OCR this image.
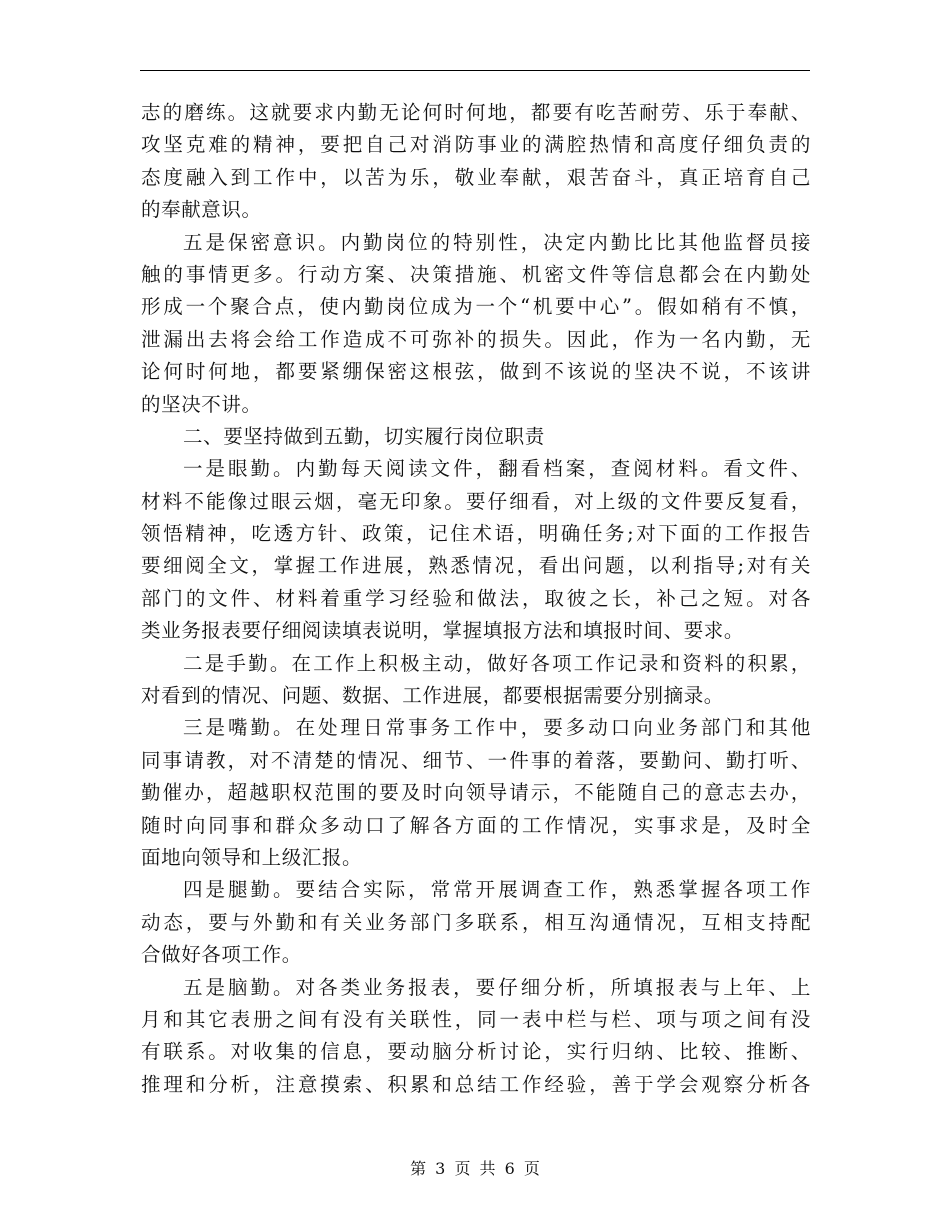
志的磨练。这就要求内勤无论何时何地，都要有吃苦耐劳、乐于奉献、
攻坚克难的精神，要把自己对消防事业的满腔热情和高度仔细负责的
态度融入到工作中，以苦为乐，敬业奉献，艰苦奋斗，真正培育自己
的奉献意识。
五是保密意识。内勤岗位的特别性，决定内勤比比其他监督员接
触的事情更多。行动方案、决策措施、机密文件等信息都会在内勤处
形成一个聚合点，使内勤岗位成为一个“机要中心”。假如稍有不慎，
泄漏出去将会给工作造成不可弥补的损失。因此，作为一名内勤，无
论何时何地，都要紧绷保密这根弦，做到不该说的坚决不说，不该讲
的坚决不讲。
二、要坚持做到五勤，切实履行岗位职责
一是眼勤。内勤每天阅读文件，翻看档案，查阅材料。看文件、
材料不能像过眼云烟，毫无印象。要仔细看，对上级的文件要反复看，
领悟精神，吃透方针、政策，记住术语，明确任务;对下面的工作报告
要细阅全文，掌握工作进展，熟悉情况，看出问题，以利指导;对有关
部门的文件、材料着重学习经验和做法，取彼之长，补己之短。对各
类业务报表要仔细阅读填表说明，掌握填报方法和填报时间、要求。
二是手勤。在工作上积极主动，做好各项工作记录和资料的积累，
对看到的情况、问题、数据、工作进展，都要根据需要分别摘录。
三是嘴勤。在处理日常事务工作中，要多动口向业务部门和其他
同事请教，对不清楚的情况、细节、一件事的着落，要勤问、勤打听、
勤催办，超越职权范围的要及时向领导请示，不能随自己的意志去办，
随时向同事和群众多动口了解各方面的工作情况，实事求是，及时全
面地向领导和上级汇报。
四是腿勤。要结合实际，常常开展调查工作，熟悉掌握各项工作
动态，要与外勤和有关业务部门多联系，相互沟通情况，互相支持配
合做好各项工作。
五是脑勤。对各类业务报表，要仔细分析，所填报表与上年、上
月和其它表册之间有没有关联性，同一表中栏与栏、项与项之间有没
有联系。对收集的信息，要动脑分析讨论，实行归纳、比较、推断、
推理和分析，注意摸索、积累和总结工作经验，善于学会观察分析各
第 3 页 共 6 页
